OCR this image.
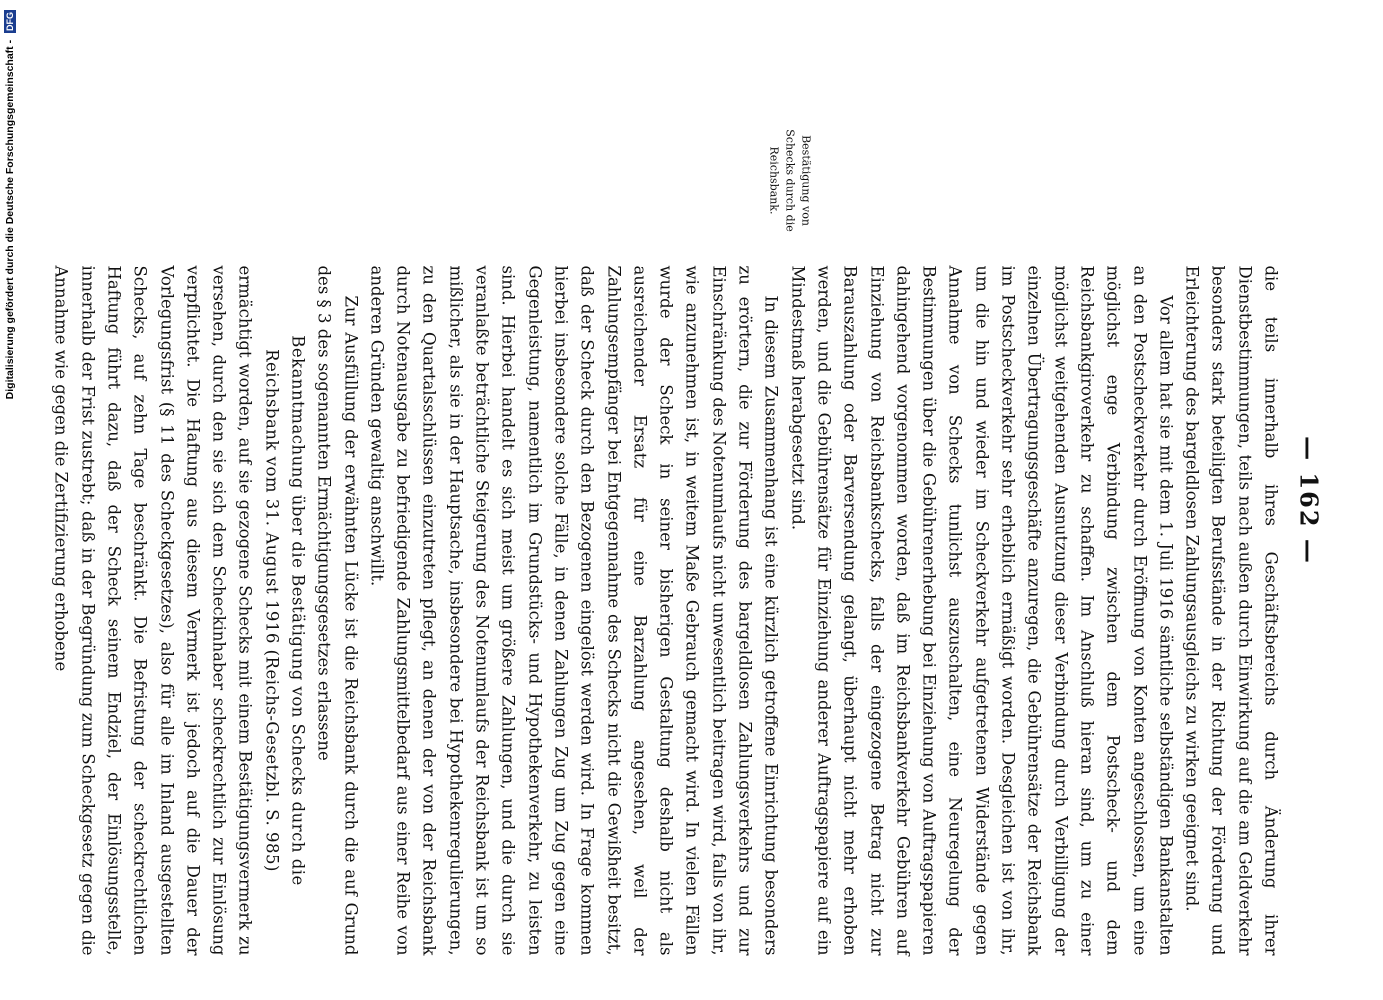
— 162 —
Bestätigung von Schecks durch die Reichsbank.

die teils innerhalb ihres Geschäftsbereichs durch Änderung ihrer Dienstbestimmungen, teils nach außen durch Einwirkung auf die am Geldverkehr besonders stark beteiligten Berufsstände in der Richtung der Förderung und Erleichterung des bargeldlosen Zahlungsausgleichs zu wirken geeignet sind.

Vor allem hat sie mit dem 1. Juli 1916 sämtliche selbständigen Bankanstalten an den Postscheckverkehr durch Eröffnung von Konten angeschlossen, um eine möglichst enge Verbindung zwischen dem Postscheck- und dem Reichsbankgiroverkehr zu schaffen. Im Anschluß hieran sind, um zu einer möglichst weitgehenden Ausnutzung dieser Verbindung durch Verbilligung der einzelnen Übertragungsgeschäfte anzuregen, die Gebührensätze der Reichsbank im Postscheckverkehr sehr erheblich ermäßigt worden. Desgleichen ist von ihr, um die hin und wieder im Scheckverkehr aufgetretenen Widerstände gegen Annahme von Schecks tunlichst auszuschalten, eine Neuregelung der Bestimmungen über die Gebührenerhebung bei Einziehung von Auftragspapieren dahingehend vorgenommen worden, daß im Reichsbankverkehr Gebühren auf Einziehung von Reichsbankschecks, falls der eingezogene Betrag nicht zur Barauszahlung oder Barversendung gelangt, überhaupt nicht mehr erhoben werden, und die Gebührensätze für Einziehung anderer Auftragspapiere auf ein Mindestmaß herabgesetzt sind.

In diesem Zusammenhang ist eine kürzlich getroffene Einrichtung besonders zu erörtern, die zur Förderung des bargeldlosen Zahlungsverkehrs und zur Einschränkung des Notenumlaufs nicht unwesentlich beitragen wird, falls von ihr, wie anzunehmen ist, in weitem Maße Gebrauch gemacht wird. In vielen Fällen wurde der Scheck in seiner bisherigen Gestaltung deshalb nicht als ausreichender Ersatz für eine Barzahlung angesehen, weil der Zahlungsempfänger bei Entgegennahme des Schecks nicht die Gewißheit besitzt, daß der Scheck durch den Bezogenen eingelöst werden wird. In Frage kommen hierbei insbesondere solche Fälle, in denen Zahlungen Zug um Zug gegen eine Gegenleistung, namentlich im Grundstücks- und Hypothekenverkehr, zu leisten sind. Hierbei handelt es sich meist um größere Zahlungen, und die durch sie veranlaßte beträchtliche Steigerung des Notenumlaufs der Reichsbank ist um so mißlicher, als sie in der Hauptsache, insbesondere bei Hypothekenregulierungen, zu den Quartalsschlüssen einzutreten pflegt, an denen der von der Reichsbank durch Notenausgabe zu befriedigende Zahlungsmittelbedarf aus einer Reihe von anderen Gründen gewaltig anschwillt.

Zur Ausfüllung der erwähnten Lücke ist die Reichsbank durch die auf Grund des § 3 des sogenannten Ermächtigungsgesetzes erlassene

Bekanntmachung über die Bestätigung von Schecks durch die

Reichsbank vom 31. August 1916 (Reichs-Gesetzbl. S. 985)

ermächtigt worden, auf sie gezogene Schecks mit einem Bestätigungsvermerk zu versehen, durch den sie sich dem Scheckinhaber scheckrechtlich zur Einlösung verpflichtet. Die Haftung aus diesem Vermerk ist jedoch auf die Dauer der Vorlegungsfrist (§ 11 des Scheckgesetzes), also für alle im Inland ausgestellten Schecks, auf zehn Tage beschränkt. Die Befristung der scheckrechtlichen Haftung führt dazu, daß der Scheck seinem Endziel, der Einlösungsstelle, innerhalb der Frist zustrebt; daß in der Begründung zum Scheckgesetz gegen die Annahme wie gegen die Zertifizierung erhobene

Digitalisierung gefördert durch die Deutsche Forschungsgemeinschaft - DFG
